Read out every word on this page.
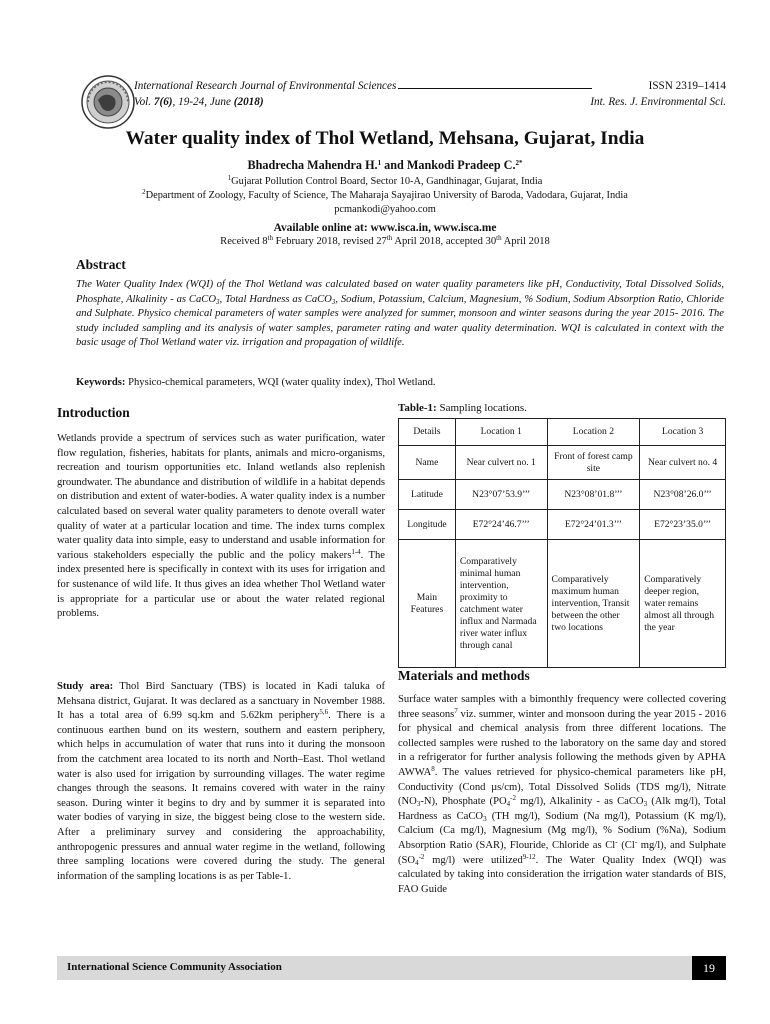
International Research Journal of Environmental Sciences	ISSN 2319–1414
Vol. 7(6), 19-24, June (2018)	Int. Res. J. Environmental Sci.
Water quality index of Thol Wetland, Mehsana, Gujarat, India
Bhadrecha Mahendra H.$^1$ and Mankodi Pradeep C.$^{2*}$
$^1$Gujarat Pollution Control Board, Sector 10-A, Gandhinagar, Gujarat, India
$^2$Department of Zoology, Faculty of Science, The Maharaja Sayajirao University of Baroda, Vadodara, Gujarat, India
pcmankodi@yahoo.com
Available online at: www.isca.in, www.isca.me
Received 8th February 2018, revised 27th April 2018, accepted 30th April 2018
Abstract
The Water Quality Index (WQI) of the Thol Wetland was calculated based on water quality parameters like pH, Conductivity, Total Dissolved Solids, Phosphate, Alkalinity - as CaCO$_3$, Total Hardness as CaCO$_3$, Sodium, Potassium, Calcium, Magnesium, % Sodium, Sodium Absorption Ratio, Chloride and Sulphate. Physico chemical parameters of water samples were analyzed for summer, monsoon and winter seasons during the year 2015- 2016. The study included sampling and its analysis of water samples, parameter rating and water quality determination. WQI is calculated in context with the basic usage of Thol Wetland water viz. irrigation and propagation of wildlife.
Keywords: Physico-chemical parameters, WQI (water quality index), Thol Wetland.
Introduction
Wetlands provide a spectrum of services such as water purification, water flow regulation, fisheries, habitats for plants, animals and micro-organisms, recreation and tourism opportunities etc. Inland wetlands also replenish groundwater. The abundance and distribution of wildlife in a habitat depends on distribution and extent of water-bodies. A water quality index is a number calculated based on several water quality parameters to denote overall water quality of water at a particular location and time. The index turns complex water quality data into simple, easy to understand and usable information for various stakeholders especially the public and the policy makers$^{1-4}$. The index presented here is specifically in context with its uses for irrigation and for sustenance of wild life. It thus gives an idea whether Thol Wetland water is appropriate for a particular use or about the water related regional problems.
Study area: Thol Bird Sanctuary (TBS) is located in Kadi taluka of Mehsana district, Gujarat. It was declared as a sanctuary in November 1988. It has a total area of 6.99 sq.km and 5.62km periphery$^{5,6}$. There is a continuous earthen bund on its western, southern and eastern periphery, which helps in accumulation of water that runs into it during the monsoon from the catchment area located to its north and North–East. Thol wetland water is also used for irrigation by surrounding villages. The water regime changes through the seasons. It remains covered with water in the rainy season. During winter it begins to dry and by summer it is separated into water bodies of varying in size, the biggest being close to the western side. After a preliminary survey and considering the approachability, anthropogenic pressures and annual water regime in the wetland, following three sampling locations were covered during the study. The general information of the sampling locations is as per Table-1.
Table-1: Sampling locations.
Details	Location 1	Location 2	Location 3
Name	Near culvert no. 1	Front of forest camp site	Near culvert no. 4
Latitude	N23°07’53.9’’’	N23°08’01.8’’’	N23°08’26.0’’’
Longitude	E72°24’46.7’’’	E72°24’01.3’’’	E72°23’35.0’’’
Main Features	Comparatively minimal human intervention, proximity to catchment water influx and Narmada river water influx through canal	Comparatively maximum human intervention, Transit between the other two locations	Comparatively deeper region, water remains almost all through the year
Materials and methods
Surface water samples with a bimonthly frequency were collected covering three seasons$^7$ viz. summer, winter and monsoon during the year 2015 - 2016 for physical and chemical analysis from three different locations. The collected samples were rushed to the laboratory on the same day and stored in a refrigerator for further analysis following the methods given by APHA AWWA$^8$. The values retrieved for physico-chemical parameters like pH, Conductivity (Cond µs/cm), Total Dissolved Solids (TDS mg/l), Nitrate $(NO_3-N)$, Phosphate ($PO_4^{-2}$ mg/l), Alkalinity - as CaCO$_3$ (Alk mg/l), Total Hardness as CaCO$_3$ (TH mg/l), Sodium (Na mg/l), Potassium (K mg/l), Calcium (Ca mg/l), Magnesium (Mg mg/l), % Sodium (%Na), Sodium Absorption Ratio (SAR), Flouride, Chloride as Cl- (Cl- mg/l), and Sulphate ($SO_4^{-2}$ mg/l) were utilized$^{9-12}$. The Water Quality Index (WQI) was calculated by taking into consideration the irrigation water standards of BIS, FAO Guide
International Science Community Association	19
